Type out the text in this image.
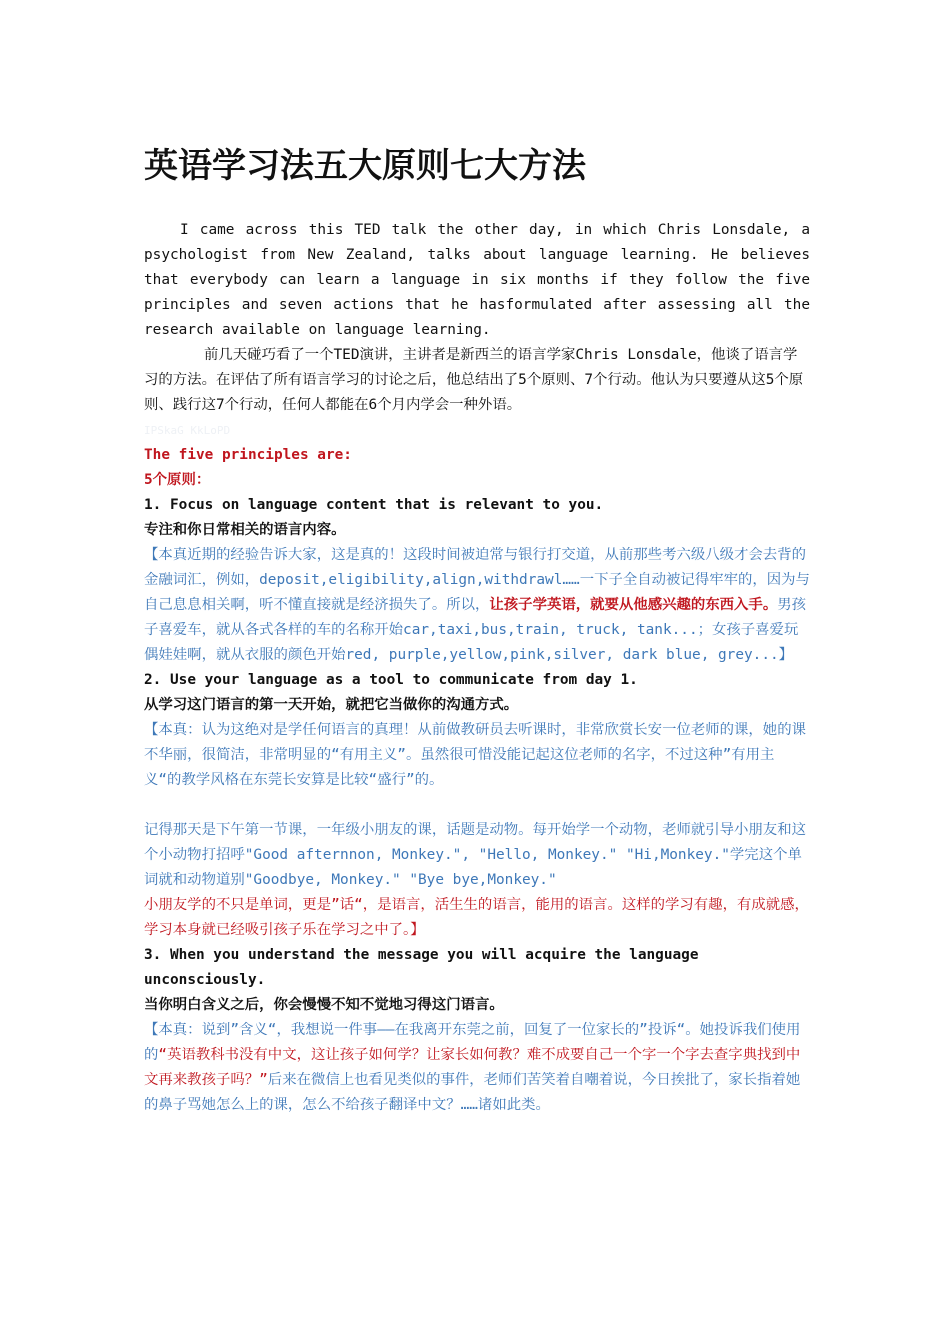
英语学习法五大原则七大方法

I came across this TED talk the other day, in which Chris Lonsdale, a psychologist from New Zealand, talks about language learning. He believes that everybody can learn a language in six months if they follow the five principles and seven actions that he hasformulated after assessing all the research available on language learning.

前几天碰巧看了一个TED演讲，主讲者是新西兰的语言学家Chris Lonsdale，他谈了语言学习的方法。在评估了所有语言学习的讨论之后，他总结出了5个原则、7个行动。他认为只要遵从这5个原则、践行这7个行动，任何人都能在6个月内学会一种外语。

IPSkaG KkLoPD

The five principles are:

5个原则：

1. Focus on language content that is relevant to you.

专注和你日常相关的语言内容。

【本真近期的经验告诉大家，这是真的！这段时间被迫常与银行打交道，从前那些考六级八级才会去背的金融词汇，例如，deposit,eligibility,align,withdrawl……一下子全自动被记得牢牢的，因为与自己息息相关啊，听不懂直接就是经济损失了。所以，让孩子学英语，就要从他感兴趣的东西入手。男孩子喜爱车，就从各式各样的车的名称开始car,taxi,bus,train, truck, tank...；女孩子喜爱玩偶娃娃啊，就从衣服的颜色开始red, purple,yellow,pink,silver, dark blue, grey...】

2. Use your language as a tool to communicate from day 1.

从学习这门语言的第一天开始，就把它当做你的沟通方式。

【本真：认为这绝对是学任何语言的真理！从前做教研员去听课时，非常欣赏长安一位老师的课，她的课不华丽，很简洁，非常明显的“有用主义”。虽然很可惜没能记起这位老师的名字，不过这种”有用主义“的教学风格在东莞长安算是比较“盛行”的。

记得那天是下午第一节课，一年级小朋友的课，话题是动物。每开始学一个动物，老师就引导小朋友和这个小动物打招呼"Good afternnon, Monkey.", "Hello, Monkey." "Hi,Monkey."学完这个单词就和动物道别"Goodbye, Monkey." "Bye bye,Monkey."

小朋友学的不只是单词，更是”话“，是语言，活生生的语言，能用的语言。这样的学习有趣，有成就感，学习本身就已经吸引孩子乐在学习之中了。】

3. When you understand the message you will acquire the language unconsciously.

当你明白含义之后，你会慢慢不知不觉地习得这门语言。

【本真：说到”含义“，我想说一件事——在我离开东莞之前，回复了一位家长的”投诉“。她投诉我们使用的“英语教科书没有中文，这让孩子如何学？让家长如何教？难不成要自己一个字一个字去查字典找到中文再来教孩子吗？”后来在微信上也看见类似的事件，老师们苦笑着自嘲着说，今日挨批了，家长指着她的鼻子骂她怎么上的课，怎么不给孩子翻译中文？……诸如此类。
